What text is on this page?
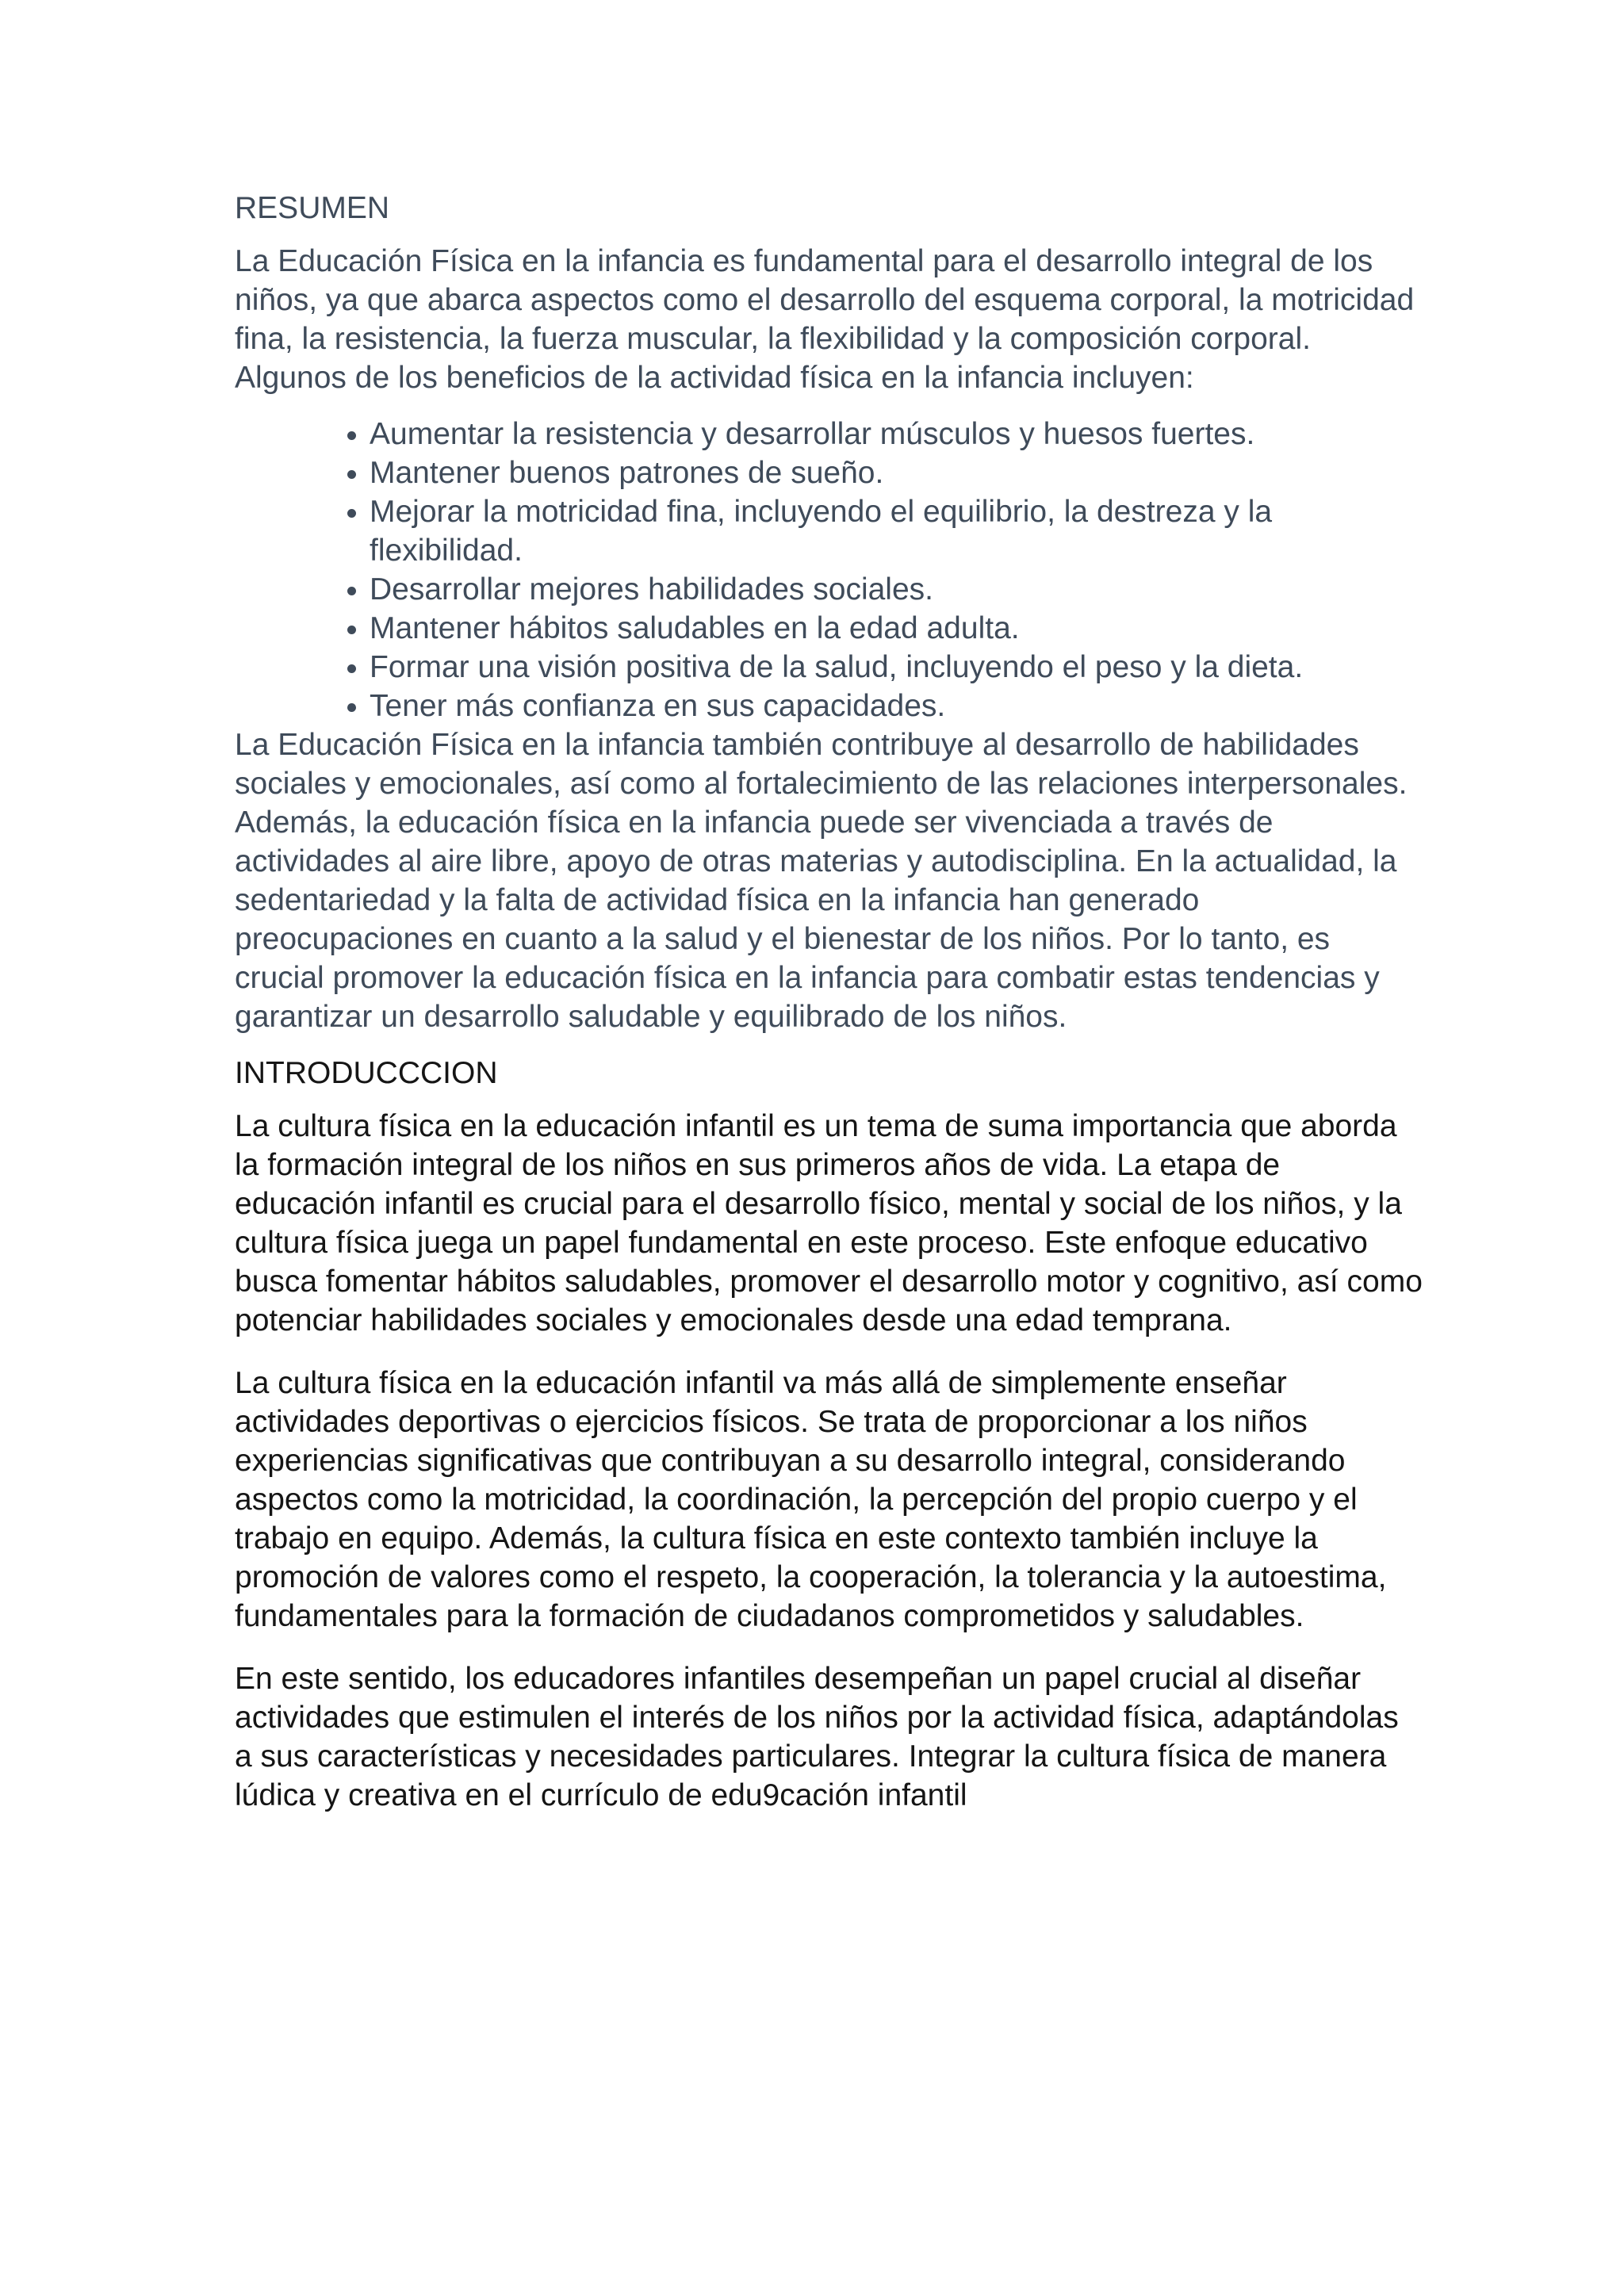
RESUMEN

La Educación Física en la infancia es fundamental para el desarrollo integral de los niños, ya que abarca aspectos como el desarrollo del esquema corporal, la motricidad fina, la resistencia, la fuerza muscular, la flexibilidad y la composición corporal. Algunos de los beneficios de la actividad física en la infancia incluyen:

Aumentar la resistencia y desarrollar músculos y huesos fuertes.
Mantener buenos patrones de sueño.
Mejorar la motricidad fina, incluyendo el equilibrio, la destreza y la flexibilidad.
Desarrollar mejores habilidades sociales.
Mantener hábitos saludables en la edad adulta.
Formar una visión positiva de la salud, incluyendo el peso y la dieta.
Tener más confianza en sus capacidades.

La Educación Física en la infancia también contribuye al desarrollo de habilidades sociales y emocionales, así como al fortalecimiento de las relaciones interpersonales. Además, la educación física en la infancia puede ser vivenciada a través de actividades al aire libre, apoyo de otras materias y autodisciplina. En la actualidad, la sedentariedad y la falta de actividad física en la infancia han generado preocupaciones en cuanto a la salud y el bienestar de los niños. Por lo tanto, es crucial promover la educación física en la infancia para combatir estas tendencias y garantizar un desarrollo saludable y equilibrado de los niños.

INTRODUCCCION

La cultura física en la educación infantil es un tema de suma importancia que aborda la formación integral de los niños en sus primeros años de vida. La etapa de educación infantil es crucial para el desarrollo físico, mental y social de los niños, y la cultura física juega un papel fundamental en este proceso. Este enfoque educativo busca fomentar hábitos saludables, promover el desarrollo motor y cognitivo, así como potenciar habilidades sociales y emocionales desde una edad temprana.

La cultura física en la educación infantil va más allá de simplemente enseñar actividades deportivas o ejercicios físicos. Se trata de proporcionar a los niños experiencias significativas que contribuyan a su desarrollo integral, considerando aspectos como la motricidad, la coordinación, la percepción del propio cuerpo y el trabajo en equipo. Además, la cultura física en este contexto también incluye la promoción de valores como el respeto, la cooperación, la tolerancia y la autoestima, fundamentales para la formación de ciudadanos comprometidos y saludables.

En este sentido, los educadores infantiles desempeñan un papel crucial al diseñar actividades que estimulen el interés de los niños por la actividad física, adaptándolas a sus características y necesidades particulares. Integrar la cultura física de manera lúdica y creativa en el currículo de edu9cación infantil
